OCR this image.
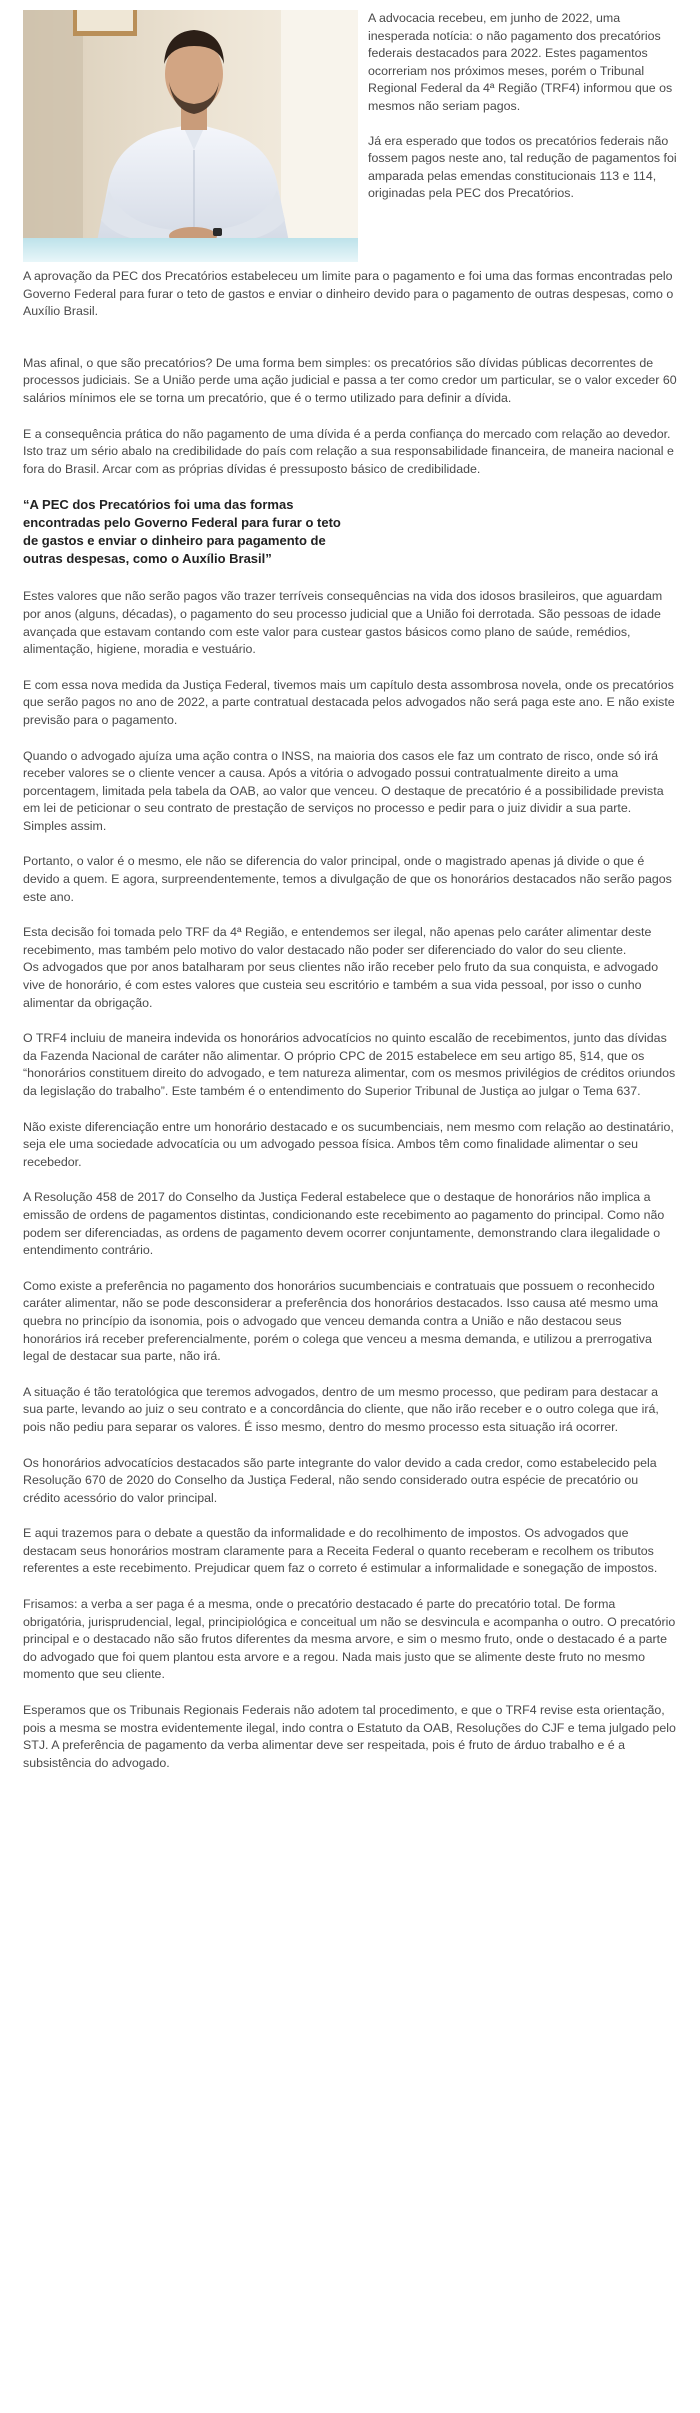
A advocacia recebeu, em junho de 2022, uma inesperada notícia: o não pagamento dos precatórios federais destacados para 2022. Estes pagamentos ocorreriam nos próximos meses, porém o Tribunal Regional Federal da 4ª Região (TRF4) informou que os mesmos não seriam pagos.

Já era esperado que todos os precatórios federais não fossem pagos neste ano, tal redução de pagamentos foi amparada pelas emendas constitucionais 113 e 114, originadas pela PEC dos Precatórios.

A aprovação da PEC dos Precatórios estabeleceu um limite para o pagamento e foi uma das formas encontradas pelo Governo Federal para furar o teto de gastos e enviar o dinheiro devido para o pagamento de outras despesas, como o Auxílio Brasil.

Mas afinal, o que são precatórios? De uma forma bem simples: os precatórios são dívidas públicas decorrentes de processos judiciais. Se a União perde uma ação judicial e passa a ter como credor um particular, se o valor exceder 60 salários mínimos ele se torna um precatório, que é o termo utilizado para definir a dívida.

E a consequência prática do não pagamento de uma dívida é a perda confiança do mercado com relação ao devedor. Isto traz um sério abalo na credibilidade do país com relação a sua responsabilidade financeira, de maneira nacional e fora do Brasil. Arcar com as próprias dívidas é pressuposto básico de credibilidade.

“A PEC dos Precatórios foi uma das formas encontradas pelo Governo Federal para furar o teto de gastos e enviar o dinheiro para pagamento de outras despesas, como o Auxílio Brasil”

Estes valores que não serão pagos vão trazer terríveis consequências na vida dos idosos brasileiros, que aguardam por anos (alguns, décadas), o pagamento do seu processo judicial que a União foi derrotada. São pessoas de idade avançada que estavam contando com este valor para custear gastos básicos como plano de saúde, remédios, alimentação, higiene, moradia e vestuário.

E com essa nova medida da Justiça Federal, tivemos mais um capítulo desta assombrosa novela, onde os precatórios que serão pagos no ano de 2022, a parte contratual destacada pelos advogados não será paga este ano. E não existe previsão para o pagamento.

Quando o advogado ajuíza uma ação contra o INSS, na maioria dos casos ele faz um contrato de risco, onde só irá receber valores se o cliente vencer a causa. Após a vitória o advogado possui contratualmente direito a uma porcentagem, limitada pela tabela da OAB, ao valor que venceu. O destaque de precatório é a possibilidade prevista em lei de peticionar o seu contrato de prestação de serviços no processo e pedir para o juiz dividir a sua parte. Simples assim.

Portanto, o valor é o mesmo, ele não se diferencia do valor principal, onde o magistrado apenas já divide o que é devido a quem. E agora, surpreendentemente, temos a divulgação de que os honorários destacados não serão pagos este ano.

Esta decisão foi tomada pelo TRF da 4ª Região, e entendemos ser ilegal, não apenas pelo caráter alimentar deste recebimento, mas também pelo motivo do valor destacado não poder ser diferenciado do valor do seu cliente.

Os advogados que por anos batalharam por seus clientes não irão receber pelo fruto da sua conquista, e advogado vive de honorário, é com estes valores que custeia seu escritório e também a sua vida pessoal, por isso o cunho alimentar da obrigação.

O TRF4 incluiu de maneira indevida os honorários advocatícios no quinto escalão de recebimentos, junto das dívidas da Fazenda Nacional de caráter não alimentar. O próprio CPC de 2015 estabelece em seu artigo 85, §14, que os “honorários constituem direito do advogado, e tem natureza alimentar, com os mesmos privilégios de créditos oriundos da legislação do trabalho”. Este também é o entendimento do Superior Tribunal de Justiça ao julgar o Tema 637.

Não existe diferenciação entre um honorário destacado e os sucumbenciais, nem mesmo com relação ao destinatário, seja ele uma sociedade advocatícia ou um advogado pessoa física. Ambos têm como finalidade alimentar o seu recebedor.

A Resolução 458 de 2017 do Conselho da Justiça Federal estabelece que o destaque de honorários não implica a emissão de ordens de pagamentos distintas, condicionando este recebimento ao pagamento do principal. Como não podem ser diferenciadas, as ordens de pagamento devem ocorrer conjuntamente, demonstrando clara ilegalidade o entendimento contrário.

Como existe a preferência no pagamento dos honorários sucumbenciais e contratuais que possuem o reconhecido caráter alimentar, não se pode desconsiderar a preferência dos honorários destacados. Isso causa até mesmo uma quebra no princípio da isonomia, pois o advogado que venceu demanda contra a União e não destacou seus honorários irá receber preferencialmente, porém o colega que venceu a mesma demanda, e utilizou a prerrogativa legal de destacar sua parte, não irá.

A situação é tão teratológica que teremos advogados, dentro de um mesmo processo, que pediram para destacar a sua parte, levando ao juiz o seu contrato e a concordância do cliente, que não irão receber e o outro colega que irá, pois não pediu para separar os valores. É isso mesmo, dentro do mesmo processo esta situação irá ocorrer.

Os honorários advocatícios destacados são parte integrante do valor devido a cada credor, como estabelecido pela Resolução 670 de 2020 do Conselho da Justiça Federal, não sendo considerado outra espécie de precatório ou crédito acessório do valor principal.

E aqui trazemos para o debate a questão da informalidade e do recolhimento de impostos. Os advogados que destacam seus honorários mostram claramente para a Receita Federal o quanto receberam e recolhem os tributos referentes a este recebimento. Prejudicar quem faz o correto é estimular a informalidade e sonegação de impostos.

Frisamos: a verba a ser paga é a mesma, onde o precatório destacado é parte do precatório total. De forma obrigatória, jurisprudencial, legal, principiológica e conceitual um não se desvincula e acompanha o outro. O precatório principal e o destacado não são frutos diferentes da mesma arvore, e sim o mesmo fruto, onde o destacado é a parte do advogado que foi quem plantou esta arvore e a regou. Nada mais justo que se alimente deste fruto no mesmo momento que seu cliente.

Esperamos que os Tribunais Regionais Federais não adotem tal procedimento, e que o TRF4 revise esta orientação, pois a mesma se mostra evidentemente ilegal, indo contra o Estatuto da OAB, Resoluções do CJF e tema julgado pelo STJ. A preferência de pagamento da verba alimentar deve ser respeitada, pois é fruto de árduo trabalho e é a subsistência do advogado.
